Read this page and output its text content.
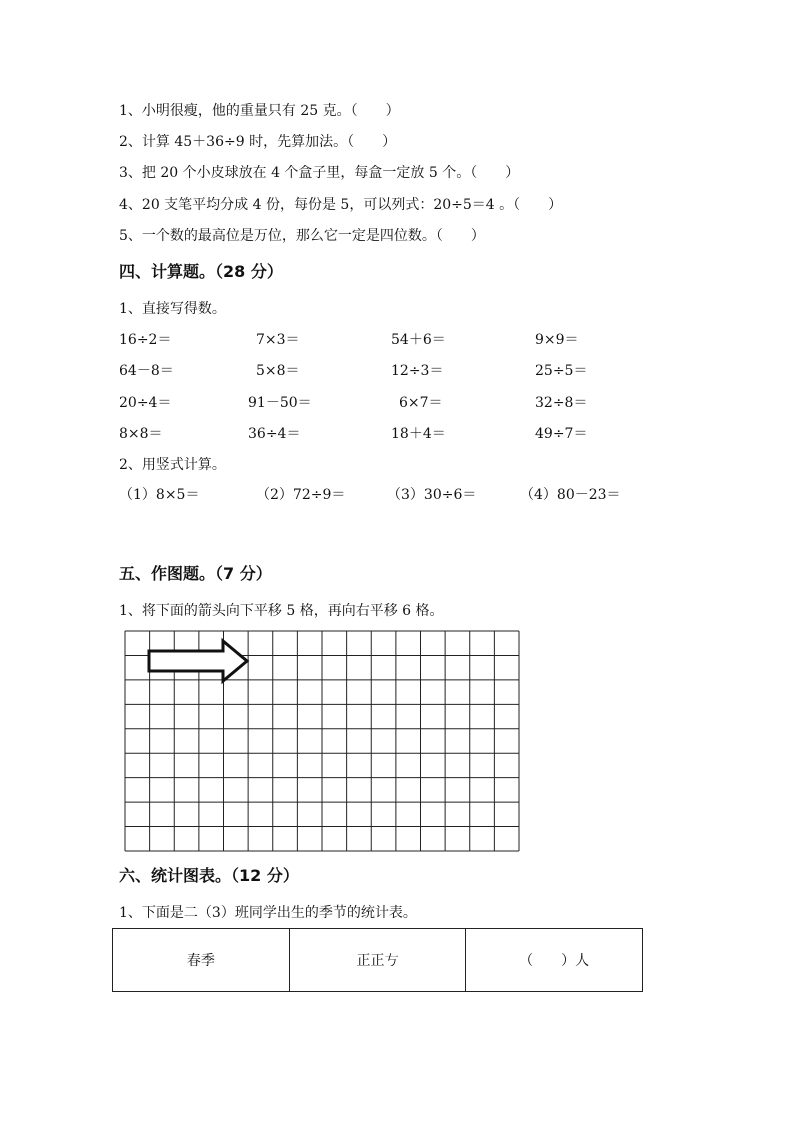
1、小明很瘦，他的重量只有 25 克。（　　）
2、计算 45＋36÷9 时，先算加法。（　　）
3、把 20 个小皮球放在 4 个盒子里，每盒一定放 5 个。（　　）
4、20 支笔平均分成 4 份，每份是 5，可以列式：20÷5＝4 。（　　）
5、一个数的最高位是万位，那么它一定是四位数。（　　）
四、计算题。（28 分）
1、直接写得数。
16÷2＝	7×3＝	54＋6＝	9×9＝
64－8＝	5×8＝	12÷3＝	25÷5＝
20÷4＝	91－50＝	6×7＝	32÷8＝
8×8＝	36÷4＝	18＋4＝	49÷7＝
2、用竖式计算。
（1）8×5＝	（2）72÷9＝	（3）30÷6＝	（4）80－23＝
五、作图题。（7 分）
1、将下面的箭头向下平移 5 格，再向右平移 6 格。
六、统计图表。（12 分）
1、下面是二（3）班同学出生的季节的统计表。
春季	正正𠀁	（　　）人
